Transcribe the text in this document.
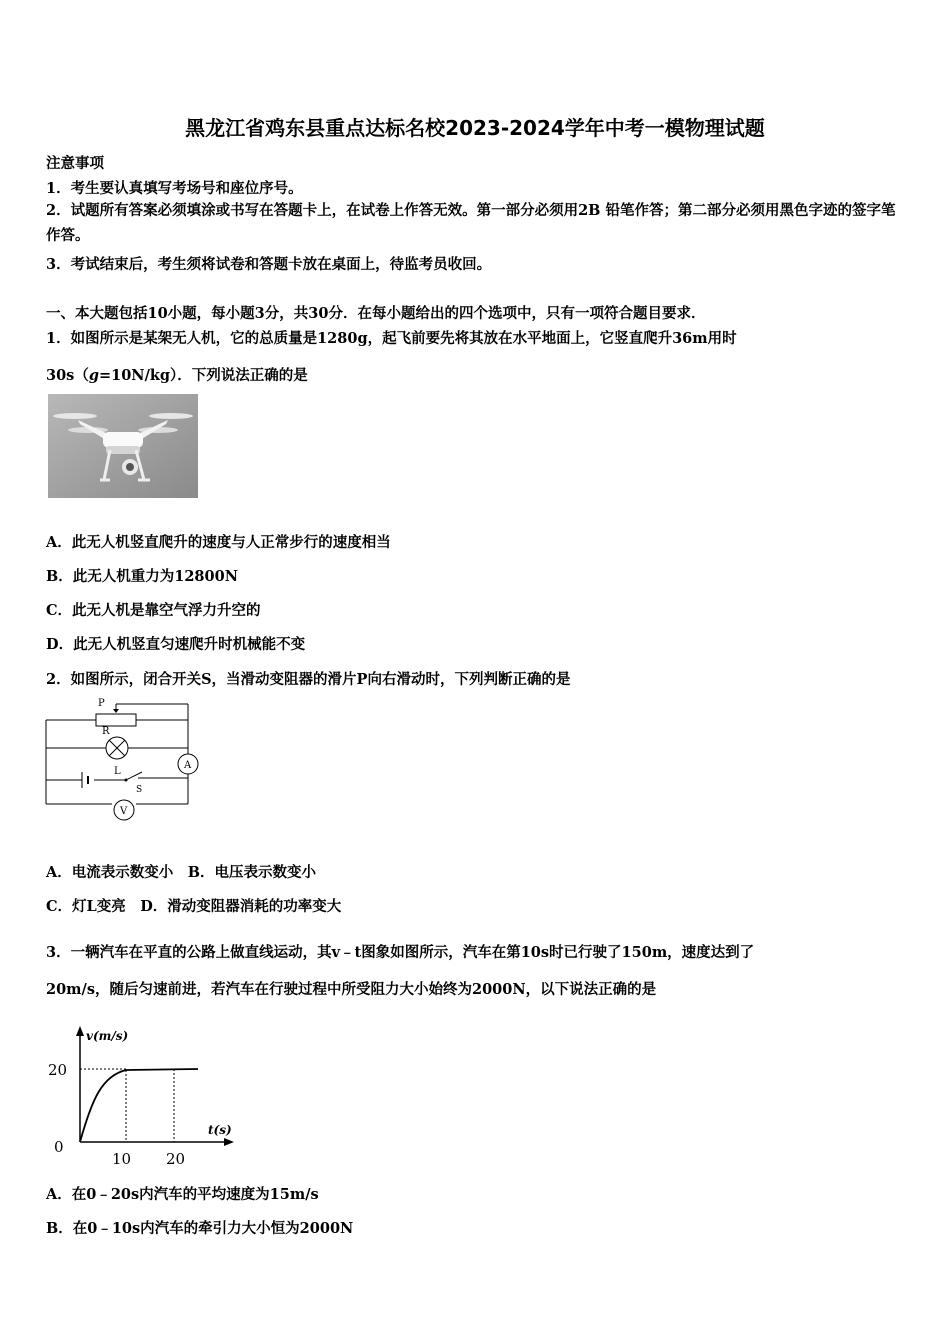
黑龙江省鸡东县重点达标名校2023-2024学年中考一模物理试题
注意事项
1．考生要认真填写考场号和座位序号。
2．试题所有答案必须填涂或书写在答题卡上，在试卷上作答无效。第一部分必须用2B 铅笔作答；第二部分必须用黑色字迹的签字笔作答。
3．考试结束后，考生须将试卷和答题卡放在桌面上，待监考员收回。
一、本大题包括10小题，每小题3分，共30分．在每小题给出的四个选项中，只有一项符合题目要求．
1．如图所示是某架无人机，它的总质量是1280g，起飞前要先将其放在水平地面上，它竖直爬升36m用时
30s（g=10N/kg）．下列说法正确的是
A．此无人机竖直爬升的速度与人正常步行的速度相当
B．此无人机重力为12800N
C．此无人机是靠空气浮力升空的
D．此无人机竖直匀速爬升时机械能不变
2．如图所示，闭合开关S，当滑动变阻器的滑片P向右滑动时，下列判断正确的是
P
R
L
S
A
V
A．电流表示数变小　B．电压表示数变小
C．灯L变亮　D．滑动变阻器消耗的功率变大
3．一辆汽车在平直的公路上做直线运动，其v﹣t图象如图所示，汽车在第10s时已行驶了150m，速度达到了
20m/s，随后匀速前进，若汽车在行驶过程中所受阻力大小始终为2000N，以下说法正确的是
v(m/s)
t(s)
20
0
10 20
A．在0﹣20s内汽车的平均速度为15m/s
B．在0﹣10s内汽车的牵引力大小恒为2000N
